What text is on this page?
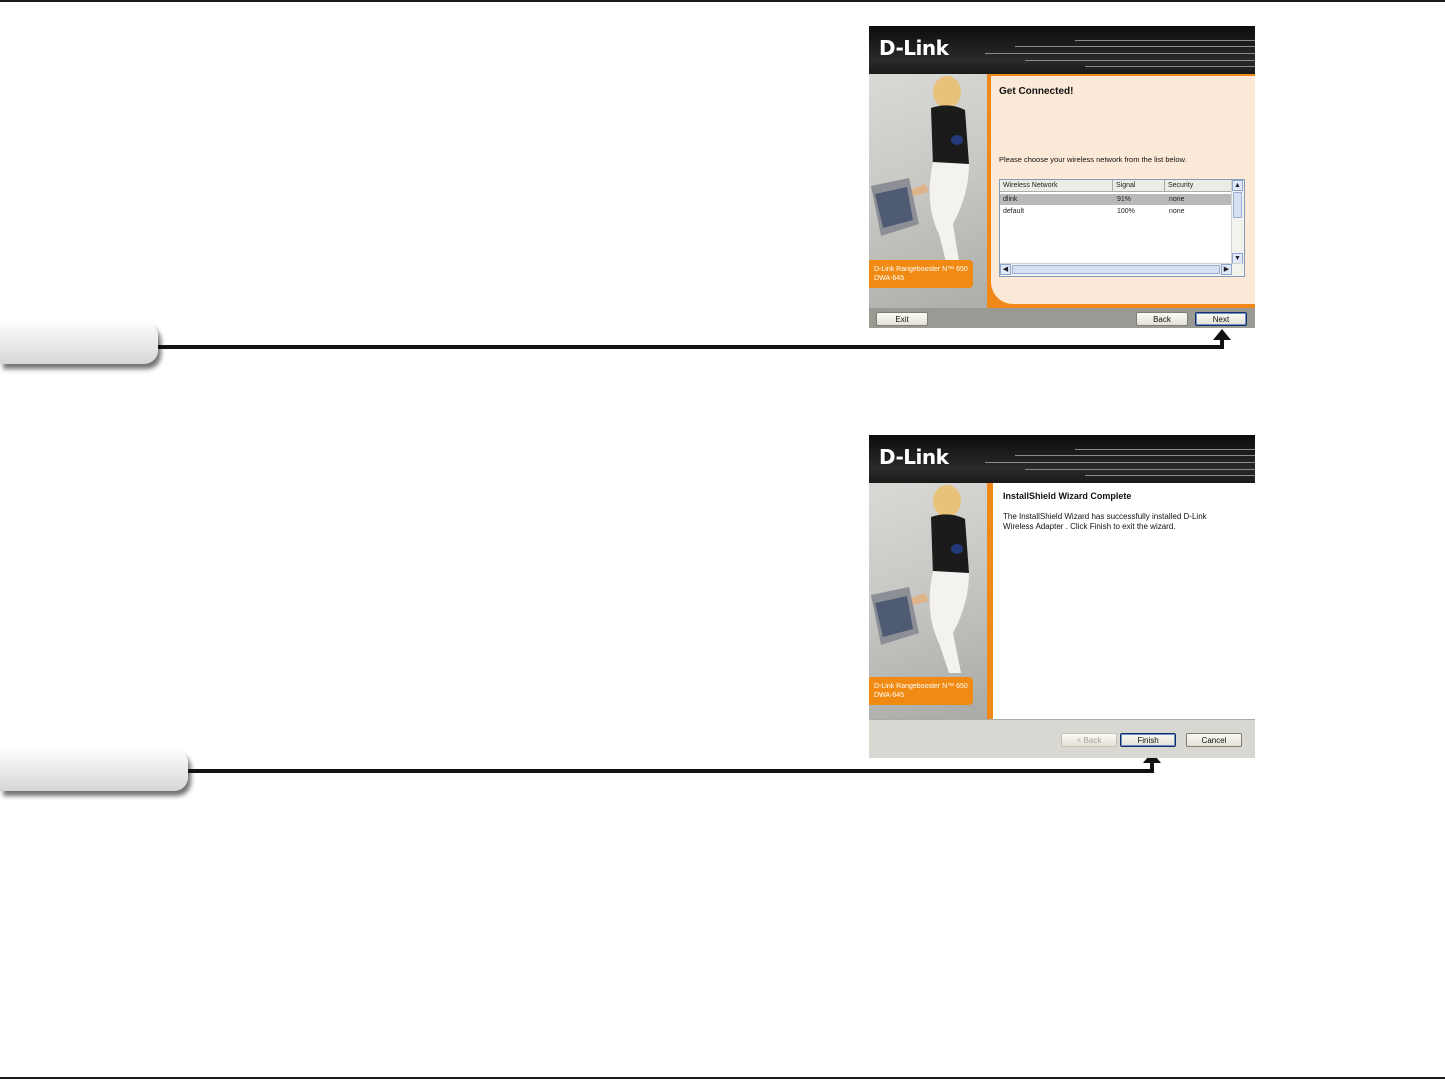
D-Link
D-Link Rangebooster N™ 650
DWA-645
Get Connected!
Please choose your wireless network from the list below.
Wireless Network	Signal	Security
dlink	91%	none
default	100%	none
▲
▼
◀	▶
Exit	Back	Next
D-Link
D-Link Rangebooster N™ 650
DWA-645
InstallShield Wizard Complete
The InstallShield Wizard has successfully installed D-Link Wireless Adapter . Click Finish to exit the wizard.
< Back	Finish	Cancel
